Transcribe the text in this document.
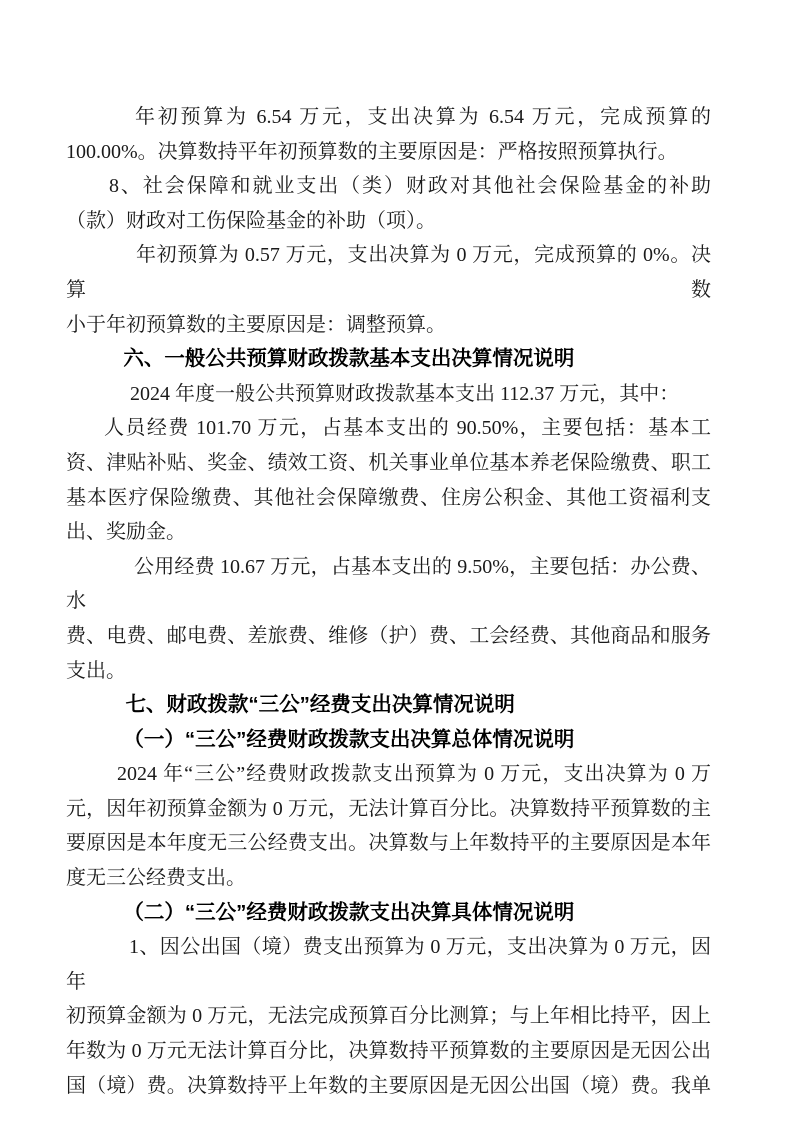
年初预算为 6.54 万元，支出决算为 6.54 万元，完成预算的
100.00%。决算数持平年初预算数的主要原因是：严格按照预算执行。
8、社会保障和就业支出（类）财政对其他社会保险基金的补助
（款）财政对工伤保险基金的补助（项）。
年初预算为 0.57 万元，支出决算为 0 万元，完成预算的 0%。决算数
小于年初预算数的主要原因是：调整预算。
六、一般公共预算财政拨款基本支出决算情况说明
2024 年度一般公共预算财政拨款基本支出 112.37 万元，其中：
人员经费 101.70 万元，占基本支出的 90.50%，主要包括：基本工
资、津贴补贴、奖金、绩效工资、机关事业单位基本养老保险缴费、职工
基本医疗保险缴费、其他社会保障缴费、住房公积金、其他工资福利支
出、奖励金。
公用经费 10.67 万元，占基本支出的 9.50%，主要包括：办公费、水
费、电费、邮电费、差旅费、维修（护）费、工会经费、其他商品和服务
支出。
七、财政拨款“三公”经费支出决算情况说明
（一）“三公”经费财政拨款支出决算总体情况说明
2024 年“三公”经费财政拨款支出预算为 0 万元，支出决算为 0 万
元，因年初预算金额为 0 万元，无法计算百分比。决算数持平预算数的主
要原因是本年度无三公经费支出。决算数与上年数持平的主要原因是本年
度无三公经费支出。
（二）“三公”经费财政拨款支出决算具体情况说明
1、因公出国（境）费支出预算为 0 万元，支出决算为 0 万元，因年
初预算金额为 0 万元，无法完成预算百分比测算；与上年相比持平，因上
年数为 0 万元无法计算百分比，决算数持平预算数的主要原因是无因公出
国（境）费。决算数持平上年数的主要原因是无因公出国（境）费。我单
